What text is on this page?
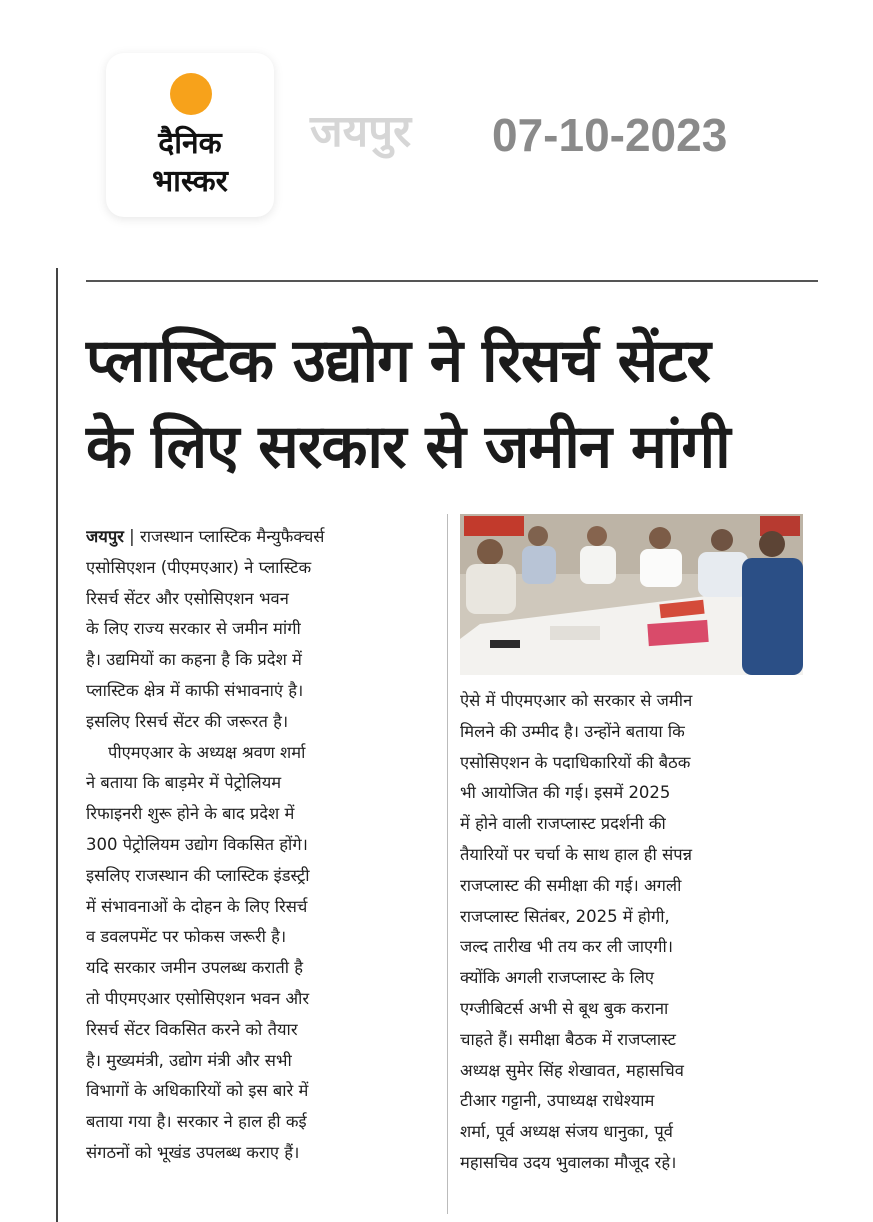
दैनिक
भास्कर
जयपुर 07-10-2023
प्लास्टिक उद्योग ने रिसर्च सेंटर
के लिए सरकार से जमीन मांगी
जयपुर | राजस्थान प्लास्टिक मैन्युफैक्चर्स
एसोसिएशन (पीएमएआर) ने प्लास्टिक
रिसर्च सेंटर और एसोसिएशन भवन
के लिए राज्य सरकार से जमीन मांगी
है। उद्यमियों का कहना है कि प्रदेश में
प्लास्टिक क्षेत्र में काफी संभावनाएं है।
इसलिए रिसर्च सेंटर की जरूरत है।
पीएमएआर के अध्यक्ष श्रवण शर्मा
ने बताया कि बाड़मेर में पेट्रोलियम
रिफाइनरी शुरू होने के बाद प्रदेश में
300 पेट्रोलियम उद्योग विकसित होंगे।
इसलिए राजस्थान की प्लास्टिक इंडस्ट्री
में संभावनाओं के दोहन के लिए रिसर्च
व डवलपमेंट पर फोकस जरूरी है।
यदि सरकार जमीन उपलब्ध कराती है
तो पीएमएआर एसोसिएशन भवन और
रिसर्च सेंटर विकसित करने को तैयार
है। मुख्यमंत्री, उद्योग मंत्री और सभी
विभागों के अधिकारियों को इस बारे में
बताया गया है। सरकार ने हाल ही कई
संगठनों को भूखंड उपलब्ध कराए हैं।
ऐसे में पीएमएआर को सरकार से जमीन
मिलने की उम्मीद है। उन्होंने बताया कि
एसोसिएशन के पदाधिकारियों की बैठक
भी आयोजित की गई। इसमें 2025
में होने वाली राजप्लास्ट प्रदर्शनी की
तैयारियों पर चर्चा के साथ हाल ही संपन्न
राजप्लास्ट की समीक्षा की गई। अगली
राजप्लास्ट सितंबर, 2025 में होगी,
जल्द तारीख भी तय कर ली जाएगी।
क्योंकि अगली राजप्लास्ट के लिए
एग्जीबिटर्स अभी से बूथ बुक कराना
चाहते हैं। समीक्षा बैठक में राजप्लास्ट
अध्यक्ष सुमेर सिंह शेखावत, महासचिव
टीआर गट्टानी, उपाध्यक्ष राधेश्याम
शर्मा, पूर्व अध्यक्ष संजय धानुका, पूर्व
महासचिव उदय भुवालका मौजूद रहे।
